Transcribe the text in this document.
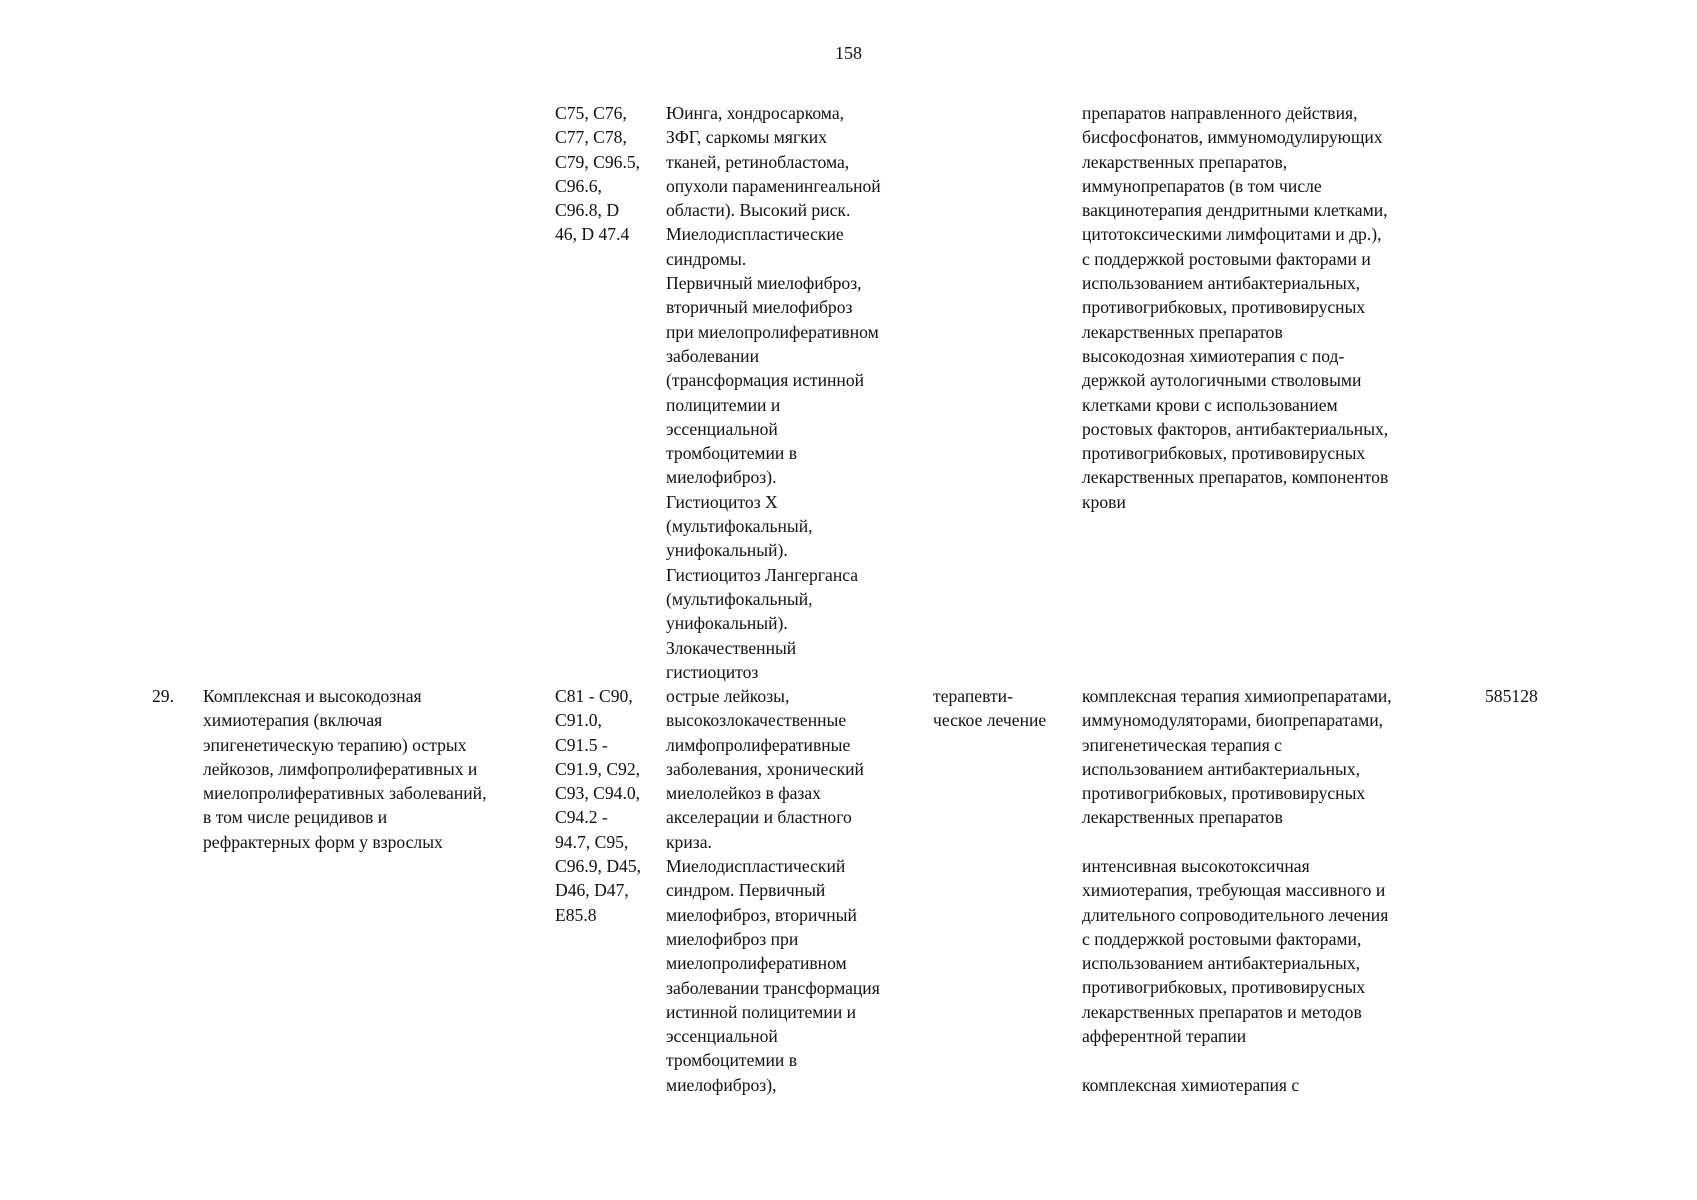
158
C75, C76,
C77, C78,
C79, C96.5,
C96.6,
C96.8, D
46, D 47.4
Юинга, хондросаркома,
ЗФГ, саркомы мягких
тканей, ретинобластома,
опухоли параменингеальной
области). Высокий риск.
Миелодиспластические
синдромы.
Первичный миелофиброз,
вторичный миелофиброз
при миелопролиферативном
заболевании
(трансформация истинной
полицитемии и
эссенциальной
тромбоцитемии в
миелофиброз).
Гистиоцитоз Х
(мультифокальный,
унифокальный).
Гистиоцитоз Лангерганса
(мультифокальный,
унифокальный).
Злокачественный
гистиоцитоз
препаратов направленного действия,
бисфосфонатов, иммуномодулирующих
лекарственных препаратов,
иммунопрепаратов (в том числе
вакцинотерапия дендритными клетками,
цитотоксическими лимфоцитами и др.),
с поддержкой ростовыми факторами и
использованием антибактериальных,
противогрибковых, противовирусных
лекарственных препаратов
высокодозная химиотерапия с под-
держкой аутологичными стволовыми
клетками крови с использованием
ростовых факторов, антибактериальных,
противогрибковых, противовирусных
лекарственных препаратов, компонентов
крови
29. Комплексная и высокодозная
химиотерапия (включая
эпигенетическую терапию) острых
лейкозов, лимфопролиферативных и
миелопролиферативных заболеваний,
в том числе рецидивов и
рефрактерных форм у взрослых
C81 - C90,
C91.0,
C91.5 -
C91.9, C92,
C93, C94.0,
C94.2 -
94.7, C95,
C96.9, D45,
D46, D47,
E85.8
острые лейкозы,
высокозлокачественные
лимфопролиферативные
заболевания, хронический
миелолейкоз в фазах
акселерации и бластного
криза.
Миелодиспластический
синдром. Первичный
миелофиброз, вторичный
миелофиброз при
миелопролиферативном
заболевании трансформация
истинной полицитемии и
эссенциальной
тромбоцитемии в
миелофиброз),
терапевти-
ческое лечение
комплексная терапия химиопрепаратами,
иммуномодуляторами, биопрепаратами,
эпигенетическая терапия с
использованием антибактериальных,
противогрибковых, противовирусных
лекарственных препаратов
интенсивная высокотоксичная
химиотерапия, требующая массивного и
длительного сопроводительного лечения
с поддержкой ростовыми факторами,
использованием антибактериальных,
противогрибковых, противовирусных
лекарственных препаратов и методов
афферентной терапии
комплексная химиотерапия с
585128
